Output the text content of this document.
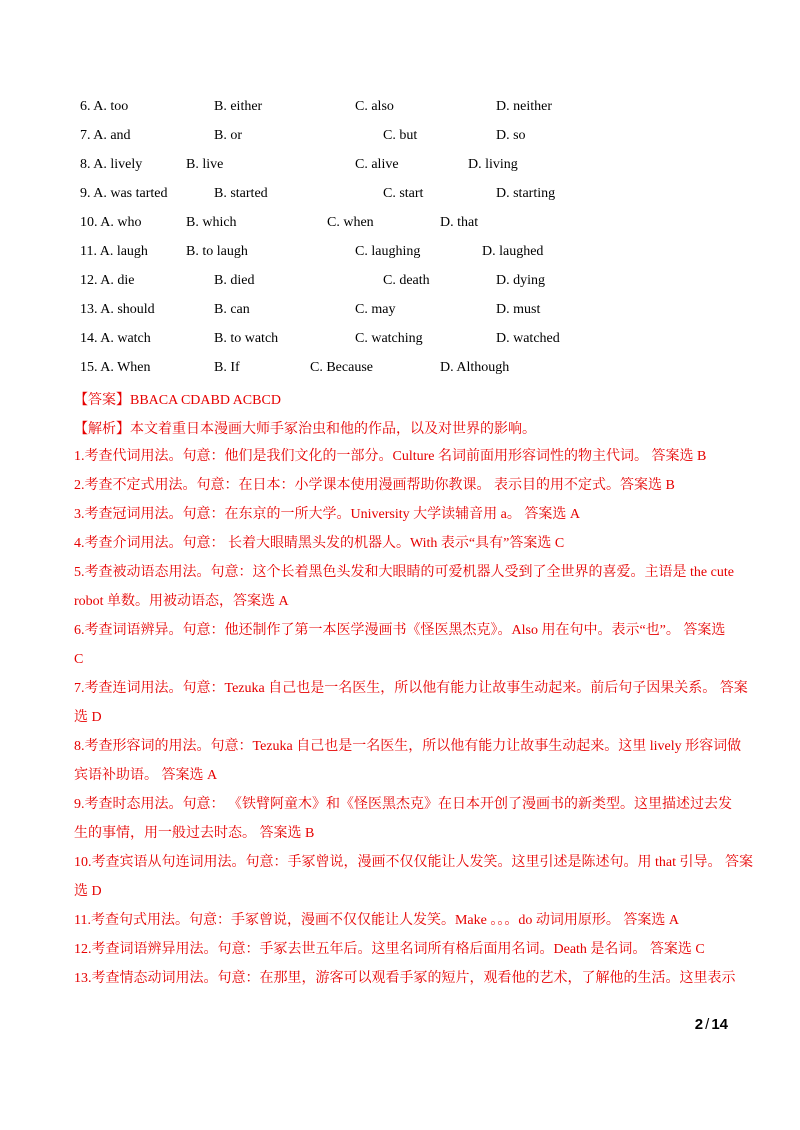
6. A. too	B. either	C. also	D. neither
7. A. and	B. or	C. but	D. so
8. A. lively	B. live	C. alive	D. living
9. A. was tarted	B. started	C. start	D. starting
10. A. who	B. which	C. when	D. that
11. A. laugh	B. to laugh	C. laughing	D. laughed
12. A. die	B. died	C. death	D. dying
13. A. should	B. can	C. may	D. must
14. A. watch	B. to watch	C. watching	D. watched
15. A. When	B. If	C. Because	D. Although
【答案】BBACA CDABD ACBCD
【解析】本文着重日本漫画大师手冢治虫和他的作品，以及对世界的影响。
1.考查代词用法。句意：他们是我们文化的一部分。Culture 名词前面用形容词性的物主代词。 答案选 B
2.考查不定式用法。句意：在日本：小学课本使用漫画帮助你教课。 表示目的用不定式。答案选 B
3.考查冠词用法。句意：在东京的一所大学。University 大学读辅音用 a。 答案选 A
4.考查介词用法。句意： 长着大眼睛黑头发的机器人。With 表示“具有”答案选 C
5.考查被动语态用法。句意：这个长着黑色头发和大眼睛的可爱机器人受到了全世界的喜爱。主语是 the cute
robot 单数。用被动语态，答案选 A
6.考查词语辨异。句意：他还制作了第一本医学漫画书《怪医黑杰克》。Also 用在句中。表示“也”。 答案选
C
7.考查连词用法。句意：Tezuka 自己也是一名医生，所以他有能力让故事生动起来。前后句子因果关系。 答案
选 D
8.考查形容词的用法。句意：Tezuka 自己也是一名医生，所以他有能力让故事生动起来。这里 lively 形容词做
宾语补助语。 答案选 A
9.考查时态用法。句意： 《铁臂阿童木》和《怪医黑杰克》在日本开创了漫画书的新类型。这里描述过去发
生的事情，用一般过去时态。 答案选 B
10.考查宾语从句连词用法。句意：手冢曾说，漫画不仅仅能让人发笑。这里引述是陈述句。用 that 引导。 答案
选 D
11.考查句式用法。句意：手冢曾说，漫画不仅仅能让人发笑。Make 。。。do 动词用原形。 答案选 A
12.考查词语辨异用法。句意：手冢去世五年后。这里名词所有格后面用名词。Death 是名词。 答案选 C
13.考查情态动词用法。句意：在那里，游客可以观看手冢的短片，观看他的艺术，了解他的生活。这里表示
2 / 14
